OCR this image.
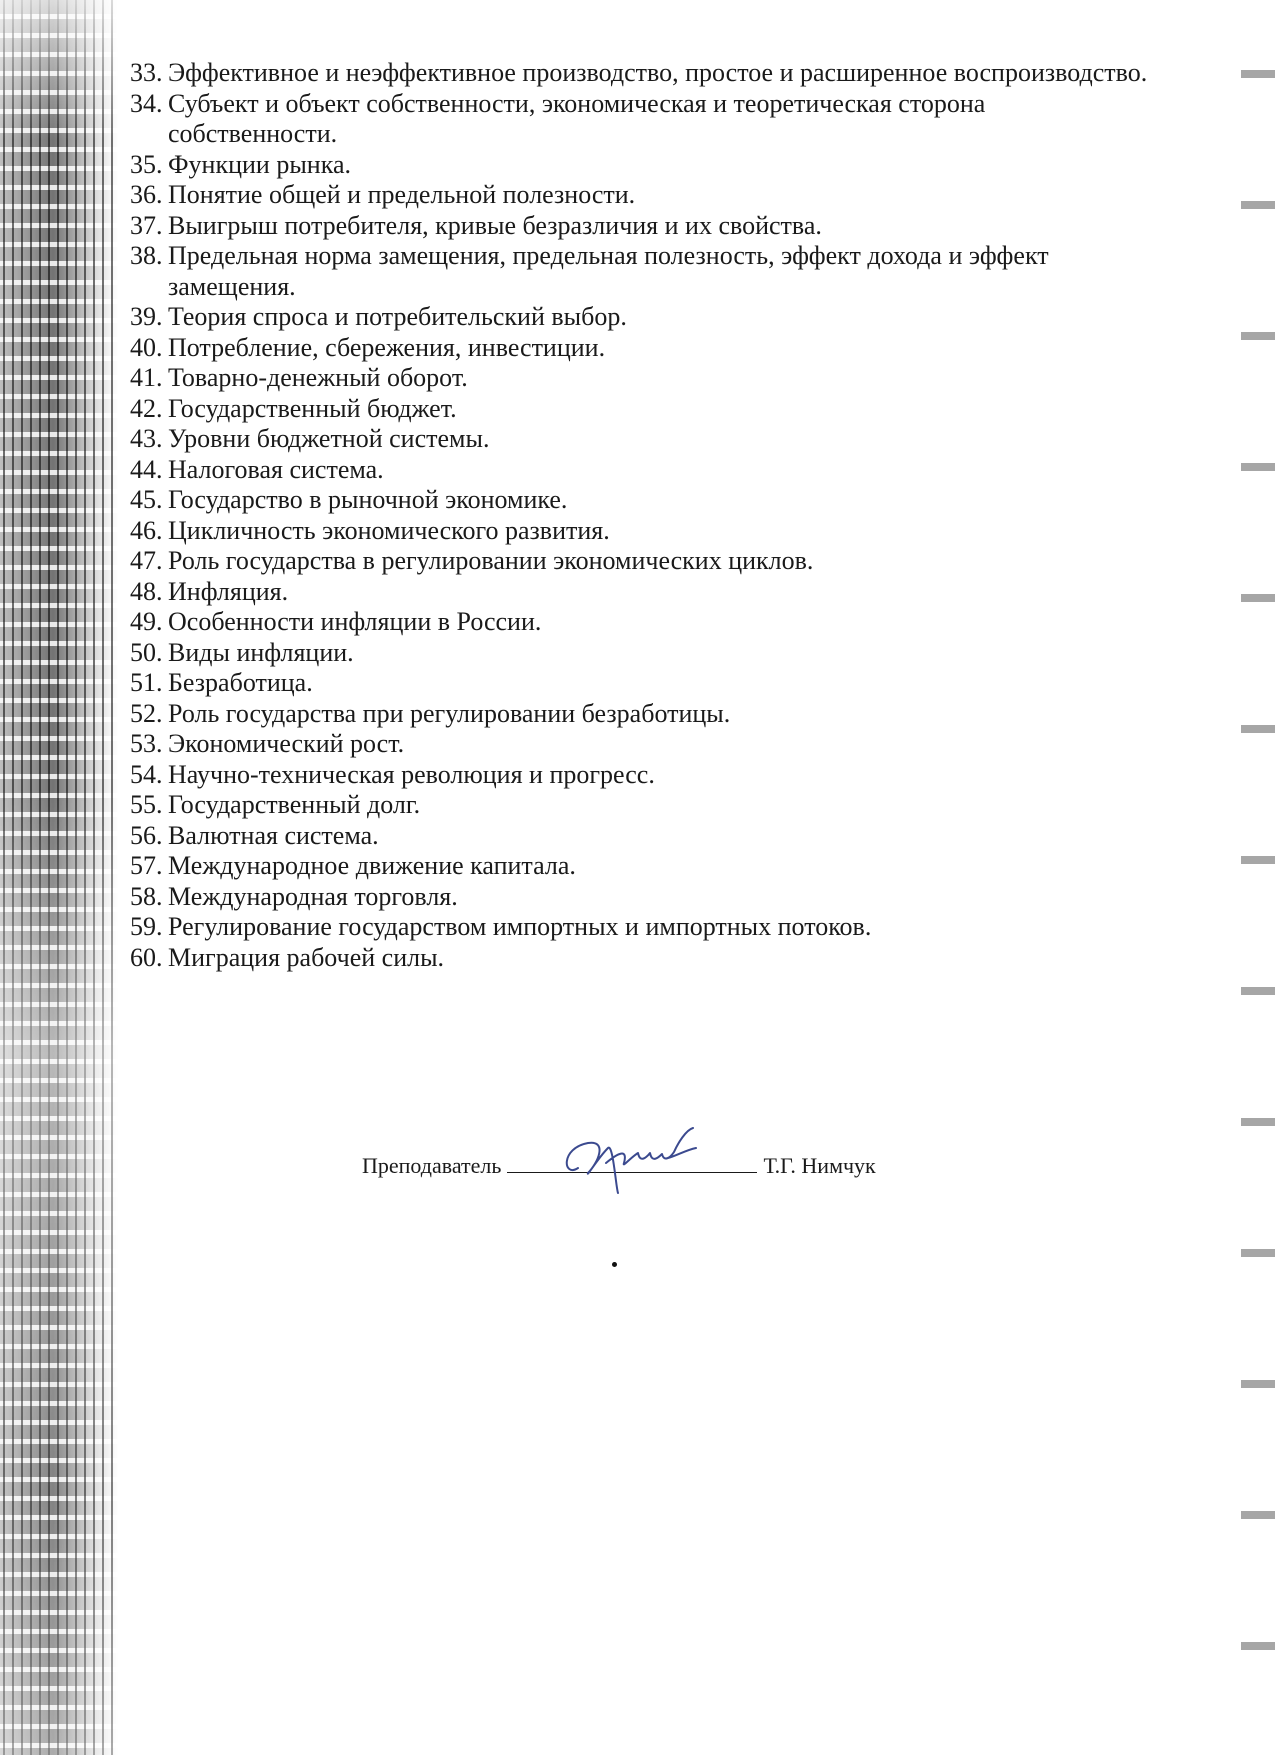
33. Эффективное и неэффективное производство, простое и расширенное воспроизводство.
34. Субъект и объект собственности, экономическая и теоретическая сторона собственности.
35. Функции рынка.
36. Понятие общей и предельной полезности.
37. Выигрыш потребителя, кривые безразличия и их свойства.
38. Предельная норма замещения, предельная полезность, эффект дохода и эффект замещения.
39. Теория спроса и потребительский выбор.
40. Потребление, сбережения, инвестиции.
41. Товарно-денежный оборот.
42. Государственный бюджет.
43. Уровни бюджетной системы.
44. Налоговая система.
45. Государство в рыночной экономике.
46. Цикличность экономического развития.
47. Роль государства в регулировании экономических циклов.
48. Инфляция.
49. Особенности инфляции в России.
50. Виды инфляции.
51. Безработица.
52. Роль государства при регулировании безработицы.
53. Экономический рост.
54. Научно-техническая революция и прогресс.
55. Государственный долг.
56. Валютная система.
57. Международное движение капитала.
58. Международная торговля.
59. Регулирование государством импортных и импортных потоков.
60. Миграция рабочей силы.
Преподаватель	Т.Г. Нимчук
